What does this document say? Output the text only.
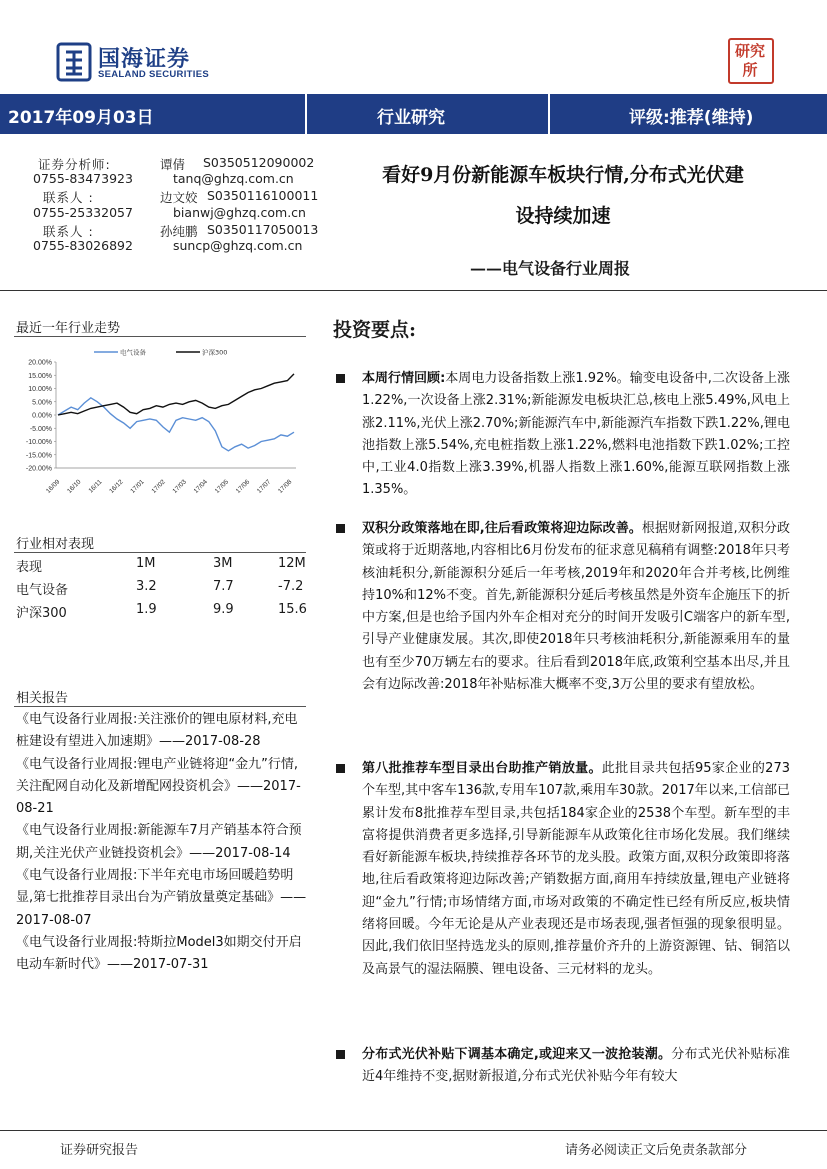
国海证券
SEALAND SECURITIES
研究所
2017年09月03日	行业研究	评级:推荐(维持)
证券分析师:
0755-83473923
谭倩 S0350512090002
tanq@ghzq.com.cn
联系人 :
0755-25332057
边文姣 S0350116100011
bianwj@ghzq.com.cn
联系人 :
0755-83026892
孙纯鹏 S0350117050013
suncp@ghzq.com.cn
看好9月份新能源车板块行情,分布式光伏建
设持续加速
——电气设备行业周报
最近一年行业走势
20.00%
15.00%
10.00%
5.00%
0.00%
-5.00%
-10.00%
-15.00%
-20.00%
16/09 16/10 16/11 16/12 17/01 17/02 17/03 17/04 17/05 17/06 17/07 17/08
电气设备	沪深300
行业相对表现
表现	1M	3M	12M
电气设备	3.2	7.7	-7.2
沪深300	1.9	9.9	15.6
相关报告
《电气设备行业周报:关注涨价的锂电原材料,充电桩建设有望进入加速期》——2017-08-28
《电气设备行业周报:锂电产业链将迎“金九”行情,关注配网自动化及新增配网投资机会》——2017-08-21
《电气设备行业周报:新能源车7月产销基本符合预期,关注光伏产业链投资机会》——2017-08-14
《电气设备行业周报:下半年充电市场回暖趋势明显,第七批推荐目录出台为产销放量奠定基础》——2017-08-07
《电气设备行业周报:特斯拉Model3如期交付开启电动车新时代》——2017-07-31
投资要点:
本周行情回顾:本周电力设备指数上涨1.92%。输变电设备中,二次设备上涨1.22%,一次设备上涨2.31%;新能源发电板块汇总,核电上涨5.49%,风电上涨2.11%,光伏上涨2.70%;新能源汽车中,新能源汽车指数下跌1.22%,锂电池指数上涨5.54%,充电桩指数上涨1.22%,燃料电池指数下跌1.02%;工控中,工业4.0指数上涨3.39%,机器人指数上涨1.60%,能源互联网指数上涨1.35%。
双积分政策落地在即,往后看政策将迎边际改善。根据财新网报道,双积分政策或将于近期落地,内容相比6月份发布的征求意见稿稍有调整:2018年只考核油耗积分,新能源积分延后一年考核,2019年和2020年合并考核,比例维持10%和12%不变。首先,新能源积分延后考核虽然是外资车企施压下的折中方案,但是也给予国内外车企相对充分的时间开发吸引C端客户的新车型,引导产业健康发展。其次,即使2018年只考核油耗积分,新能源乘用车的量也有至少70万辆左右的要求。往后看到2018年底,政策利空基本出尽,并且会有边际改善:2018年补贴标准大概率不变,3万公里的要求有望放松。
第八批推荐车型目录出台助推产销放量。此批目录共包括95家企业的273个车型,其中客车136款,专用车107款,乘用车30款。2017年以来,工信部已累计发布8批推荐车型目录,共包括184家企业的2538个车型。新车型的丰富将提供消费者更多选择,引导新能源车从政策化往市场化发展。我们继续看好新能源车板块,持续推荐各环节的龙头股。政策方面,双积分政策即将落地,往后看政策将迎边际改善;产销数据方面,商用车持续放量,锂电产业链将迎“金九”行情;市场情绪方面,市场对政策的不确定性已经有所反应,板块情绪将回暖。今年无论是从产业表现还是市场表现,强者恒强的现象很明显。因此,我们依旧坚持选龙头的原则,推荐量价齐升的上游资源锂、钴、铜箔以及高景气的湿法隔膜、锂电设备、三元材料的龙头。
分布式光伏补贴下调基本确定,或迎来又一波抢装潮。分布式光伏补贴标准近4年维持不变,据财新报道,分布式光伏补贴今年有较大
证券研究报告	请务必阅读正文后免责条款部分
